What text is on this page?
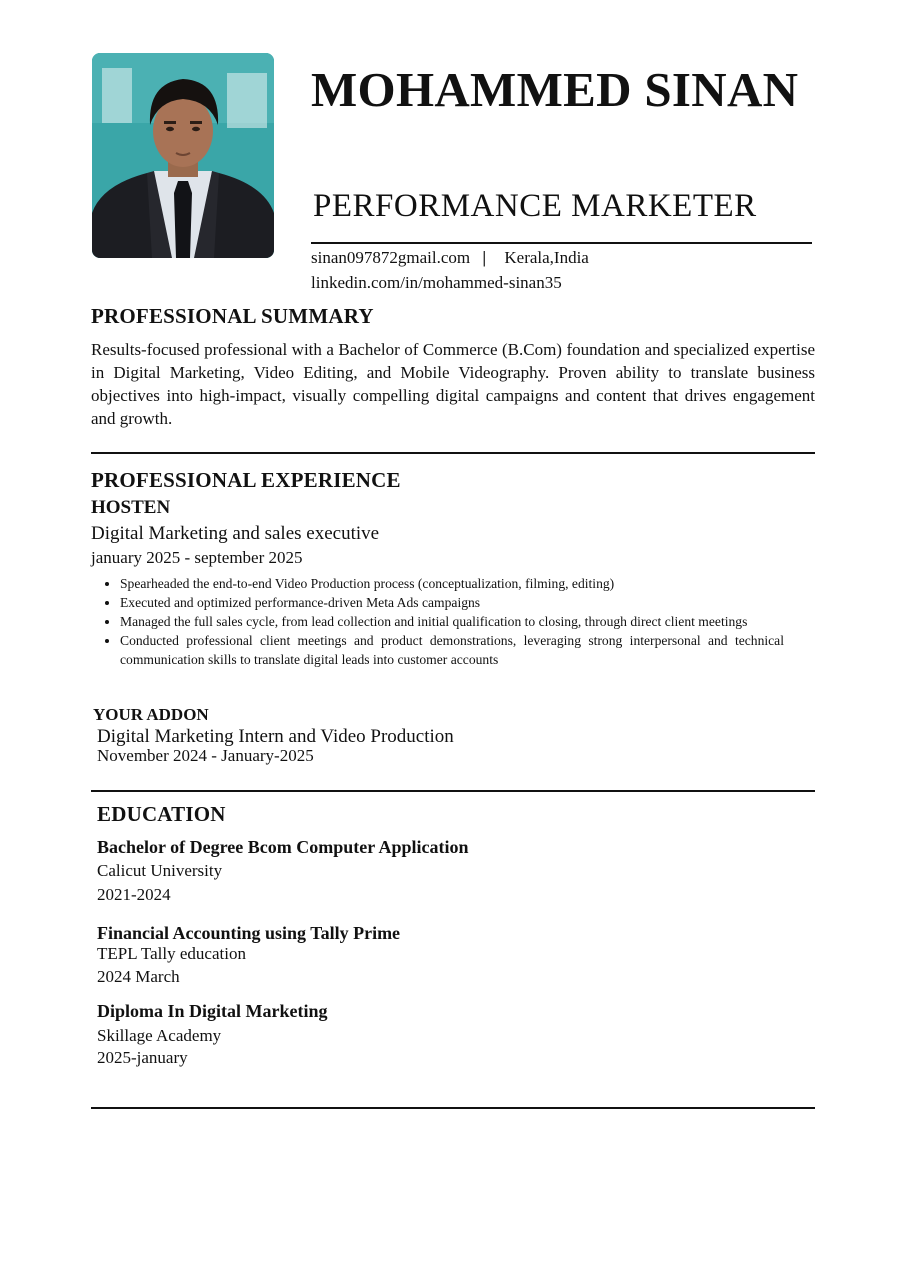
MOHAMMED SINAN
PERFORMANCE MARKETER
sinan097872gmail.com | Kerala,India
linkedin.com/in/mohammed-sinan35
PROFESSIONAL SUMMARY
Results-focused professional with a Bachelor of Commerce (B.Com) foundation and specialized expertise in Digital Marketing, Video Editing, and Mobile Videography. Proven ability to translate business objectives into high-impact, visually compelling digital campaigns and content that drives engagement and growth.
PROFESSIONAL EXPERIENCE
HOSTEN
Digital Marketing and sales executive
january 2025 - september 2025
• Spearheaded the end-to-end Video Production process (conceptualization, filming, editing)
• Executed and optimized performance-driven Meta Ads campaigns
• Managed the full sales cycle, from lead collection and initial qualification to closing, through direct client meetings
• Conducted professional client meetings and product demonstrations, leveraging strong interpersonal and technical communication skills to translate digital leads into customer accounts
YOUR ADDON
Digital Marketing Intern and Video Production
November 2024 - January-2025
EDUCATION
Bachelor of Degree Bcom Computer Application
Calicut University
2021-2024
Financial Accounting using Tally Prime
TEPL Tally education
2024 March
Diploma In Digital Marketing
Skillage Academy
2025-january
